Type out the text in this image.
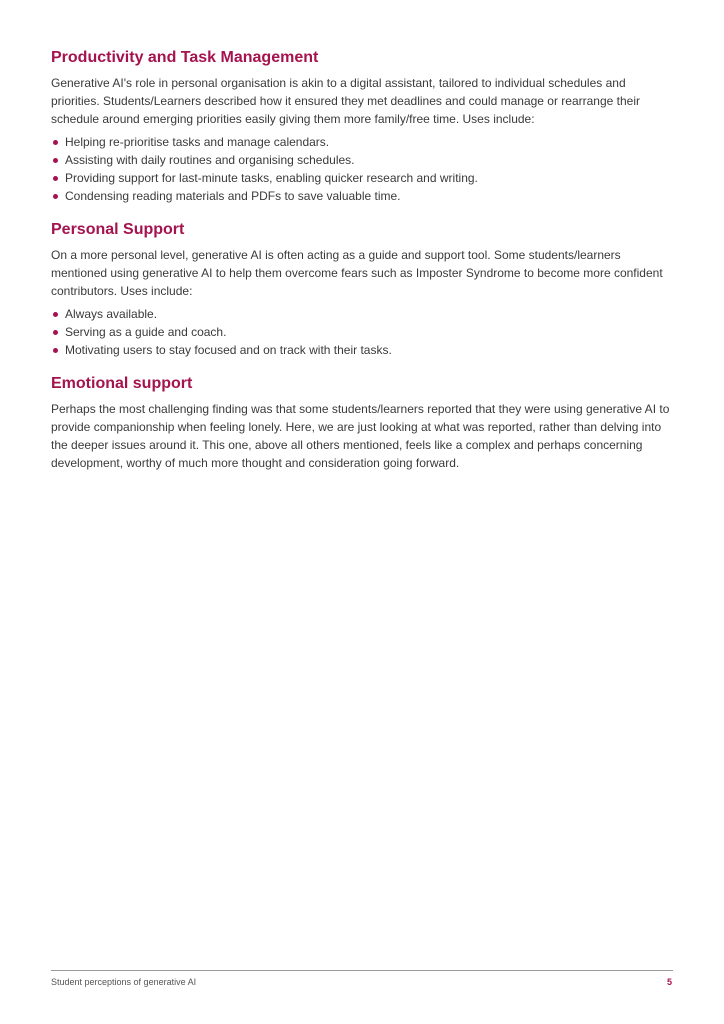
Productivity and Task Management

Generative AI's role in personal organisation is akin to a digital assistant, tailored to individual schedules and priorities. Students/Learners described how it ensured they met deadlines and could manage or rearrange their schedule around emerging priorities easily giving them more family/free time. Uses include:

Helping re-prioritise tasks and manage calendars.
Assisting with daily routines and organising schedules.
Providing support for last-minute tasks, enabling quicker research and writing.
Condensing reading materials and PDFs to save valuable time.
Personal Support

On a more personal level, generative AI is often acting as a guide and support tool. Some students/learners mentioned using generative AI to help them overcome fears such as Imposter Syndrome to become more confident contributors. Uses include:

Always available.
Serving as a guide and coach.
Motivating users to stay focused and on track with their tasks.
Emotional support

Perhaps the most challenging finding was that some students/learners reported that they were using generative AI to provide companionship when feeling lonely. Here, we are just looking at what was reported, rather than delving into the deeper issues around it. This one, above all others mentioned, feels like a complex and perhaps concerning development, worthy of much more thought and consideration going forward.

Student perceptions of generative AI	5
